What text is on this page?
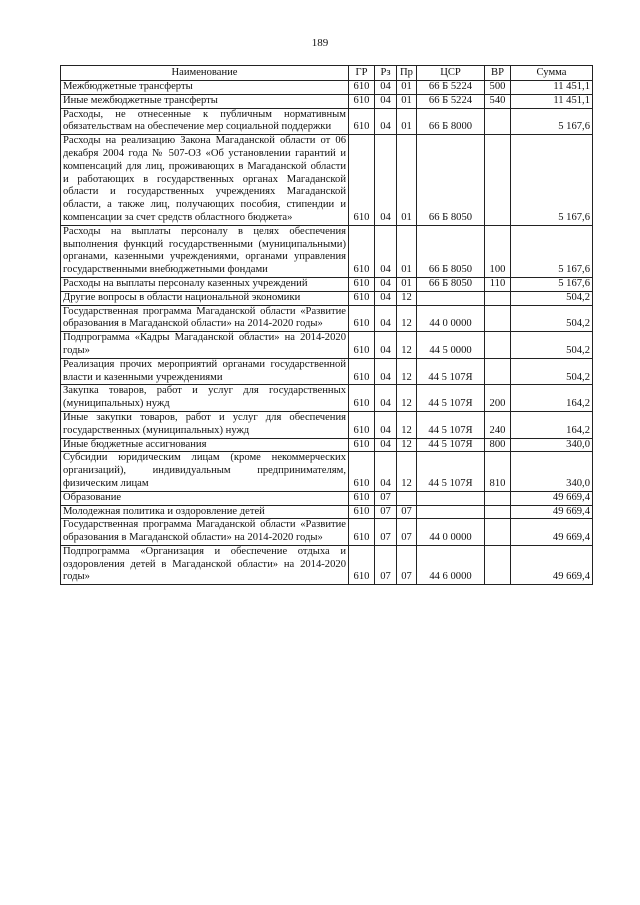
189
Наименование	ГР	Рз	Пр	ЦСР	ВР	Сумма
Межбюджетные трансферты	610	04	01	66 Б 5224	500	11 451,1
Иные межбюджетные трансферты	610	04	01	66 Б 5224	540	11 451,1
Расходы, не отнесенные к публичным нормативным обязательствам на обеспечение мер социальной поддержки	610	04	01	66 Б 8000		5 167,6
Расходы на реализацию Закона Магаданской области от 06 декабря 2004 года № 507-ОЗ «Об установлении гарантий и компенсаций для лиц, проживающих в Магаданской области и работающих в государственных органах Магаданской области и государственных учреждениях Магаданской области, а также лиц, получающих пособия, стипендии и компенсации за счет средств областного бюджета»	610	04	01	66 Б 8050		5 167,6
Расходы на выплаты персоналу в целях обеспечения выполнения функций государственными (муниципальными) органами, казенными учреждениями, органами управления государственными внебюджетными фондами	610	04	01	66 Б 8050	100	5 167,6
Расходы на выплаты персоналу казенных учреждений	610	04	01	66 Б 8050	110	5 167,6
Другие вопросы в области национальной экономики	610	04	12			504,2
Государственная программа Магаданской области «Развитие образования в Магаданской области» на 2014-2020 годы»	610	04	12	44 0 0000		504,2
Подпрограмма «Кадры Магаданской области» на 2014-2020 годы»	610	04	12	44 5 0000		504,2
Реализация прочих мероприятий органами государственной власти и казенными учреждениями	610	04	12	44 5 107Я		504,2
Закупка товаров, работ и услуг для государственных (муниципальных) нужд	610	04	12	44 5 107Я	200	164,2
Иные закупки товаров, работ и услуг для обеспечения государственных (муниципальных) нужд	610	04	12	44 5 107Я	240	164,2
Иные бюджетные ассигнования	610	04	12	44 5 107Я	800	340,0
Субсидии юридическим лицам (кроме некоммерческих организаций), индивидуальным предпринимателям, физическим лицам	610	04	12	44 5 107Я	810	340,0
Образование	610	07				49 669,4
Молодежная политика и оздоровление детей	610	07	07			49 669,4
Государственная программа Магаданской области «Развитие образования в Магаданской области» на 2014-2020 годы»	610	07	07	44 0 0000		49 669,4
Подпрограмма «Организация и обеспечение отдыха и оздоровления детей в Магаданской области» на 2014-2020 годы»	610	07	07	44 6 0000		49 669,4
